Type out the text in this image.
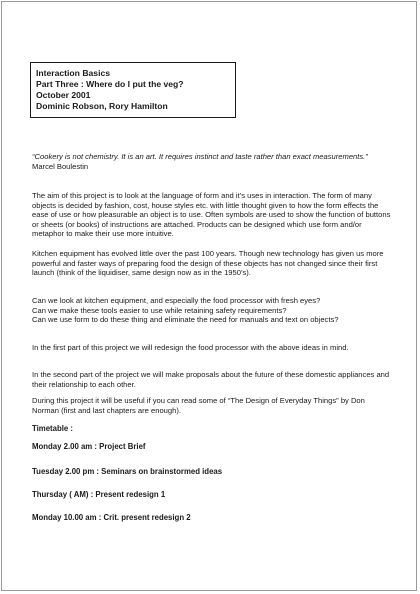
Interaction Basics
Part Three : Where do I put the veg?
October 2001
Dominic Robson, Rory Hamilton

“Cookery is not chemistry. It is an art. It requires instinct and taste rather than exact measurements.”

Marcel Boulestin

The aim of this project is to look at the language of form and it’s uses in interaction. The form of many objects is decided by fashion, cost, house styles etc. with little thought given to how the form effects the ease of use or how pleasurable an object is to use. Often symbols are used to show the function of buttons or sheets (or books) of instructions are attached. Products can be designed which use form and/or metaphor to make their use more intuitive.

Kitchen equipment has evolved little over the past 100 years. Though new technology has given us more powerful and faster ways of preparing food the design of these objects has not changed since their first launch (think of the liquidiser, same design now as in the 1950’s).

Can we look at kitchen equipment, and especially the food processor with fresh eyes?

Can we make these tools easier to use while retaining safety requirements?

Can we use form to do these thing and eliminate the need for manuals and text on objects?

In the first part of this project we will redesign the food processor with the above ideas in mind.

In the second part of the project we will make proposals about the future of these domestic appliances and their relationship to each other.

During this project it will be useful if you can read some of “The Design of Everyday Things” by Don Norman (first and last chapters are enough).

Timetable :
Monday 2.00 am : Project Brief
Tuesday 2.00 pm : Seminars on brainstormed ideas
Thursday ( AM) : Present redesign 1
Monday 10.00 am : Crit. present redesign 2
